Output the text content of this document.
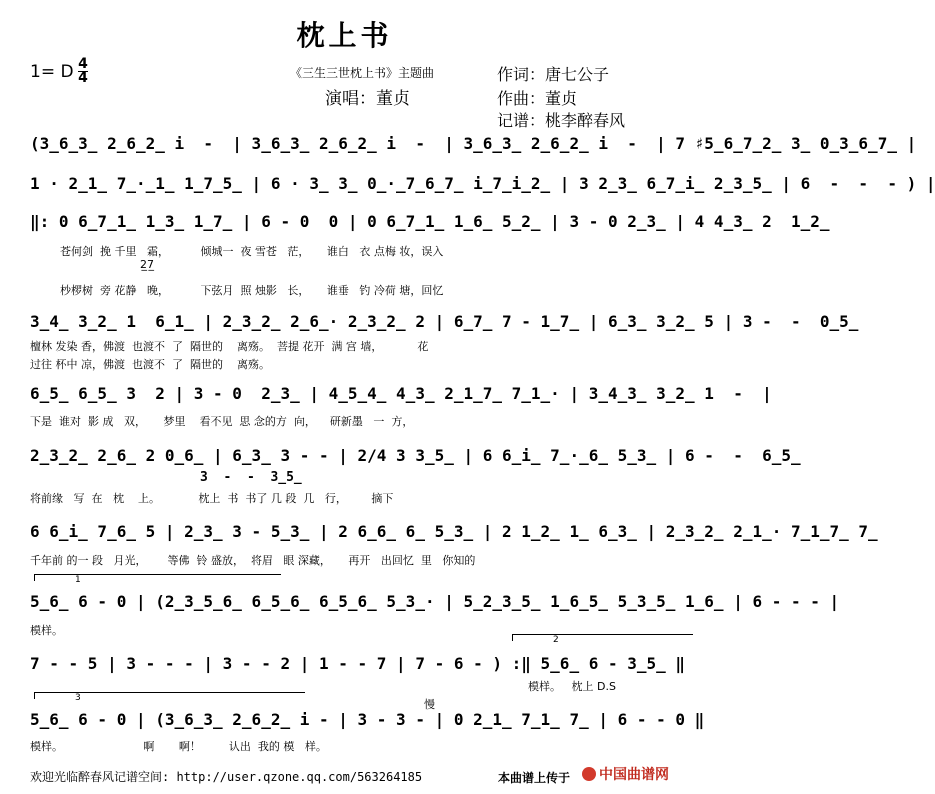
枕上书
1= D 4
4	《三生三世枕上书》主题曲
演唱：董贞
作词：唐七公子
作曲：董贞
记谱：桃李醉春风
(3̲6̲3̲ 2̲6̲2̲ i  -  | 3̲6̲3̲ 2̲6̲2̲ i  -  | 3̲6̲3̲ 2̲6̲2̲ i  -  | 7 ♯5̲6̲7̲2̲ 3̲ 0̲3̲6̲7̲ |
1 · 2̲1̲ 7̲·̲1̲ 1̲7̲5̲ | 6 · 3̲ 3̲ 0̲·̲7̲6̲7̲ i̲7̲i̲2̲ | 3 2̲3̲ 6̲7̲i̲ 2̲3̲5̲ | 6  -  -  - ) |
‖: 0 6̲7̲1̲ 1̲3̲ 1̲7̲ | 6 - 0  0 | 0 6̲7̲1̲ 1̲6̲ 5̲2̲ | 3 - 0 2̲3̲ | 4 4̲3̲ 2  1̲2̲
苍何剑  挽 千里   霜，         倾城一  夜 雪苍   茫，     谁白   衣 点梅 妆，误入
2̲7̲
杪椤树  旁 花静   晚，         下弦月  照 烛影   长，     谁垂   钓 冷荷 塘，回忆
3̲4̲ 3̲2̲ 1  6̲1̲ | 2̲3̲2̲ 2̲6̲· 2̲3̲2̲ 2 | 6̲7̲ 7 - 1̲7̲ | 6̲3̲ 3̲2̲ 5 | 3 -  -  0̲5̲
檀林 发染 香，佛渡  也渡不  了  隔世的    离殇。  菩提 花开  满 宫 墙，          花
过往 杯中 凉，佛渡  也渡不  了  隔世的    离殇。
6̲5̲ 6̲5̲ 3  2 | 3 - 0  2̲3̲ | 4̲5̲4̲ 4̲3̲ 2̲1̲7̲ 7̲1̲· | 3̲4̲3̲ 3̲2̲ 1  -  |
下是  谁对  影 成   双，     梦里    看不见  思 念的方  向，    研新墨   一  方，
2̲3̲2̲ 2̲6̲ 2 0̲6̲ | 6̲3̲ 3 - - | 2/4 3 3̲5̲ | 6 6̲i̲ 7̲·̲6̲ 5̲3̲ | 6 -  -  6̲5̲
3  -  -  3̲5̲
将前缘   写  在   枕    上。           枕上  书  书了 几 段  几   行，       摘下
6 6̲i̲ 7̲6̲ 5 | 2̲3̲ 3 - 5̲3̲ | 2 6̲6̲ 6̲ 5̲3̲ | 2 1̲2̲ 1̲ 6̲3̲ | 2̲3̲2̲ 2̲1̲· 7̲1̲7̲ 7̲
千年前 的一 段   月光，      等佛  铃 盛放，  将眉   眼 深藏，     再开   出回忆  里   你知的
1
5̲6̲ 6 - 0 | (2̲3̲5̲6̲ 6̲5̲6̲ 6̲5̲6̲ 5̲3̲· | 5̲2̲3̲5̲ 1̲6̲5̲ 5̲3̲5̲ 1̲6̲ | 6 - - - |
模样。
2
7 - - 5 | 3 - - - | 3 - - 2 | 1 - - 7 | 7 - 6 - ) :‖ 5̲6̲ 6 - 3̲5̲ ‖
模样。   枕上 D.S
3	慢
5̲6̲ 6 - 0 | (3̲6̲3̲ 2̲6̲2̲ i - | 3 - 3 - | 0 2̲1̲ 7̲1̲ 7̲ | 6 - - 0 ‖
模样。                       啊       啊！        认出  我的 模   样。
欢迎光临醉春风记谱空间: http://user.qzone.qq.com/563264185	本曲谱上传于	中国曲谱网
